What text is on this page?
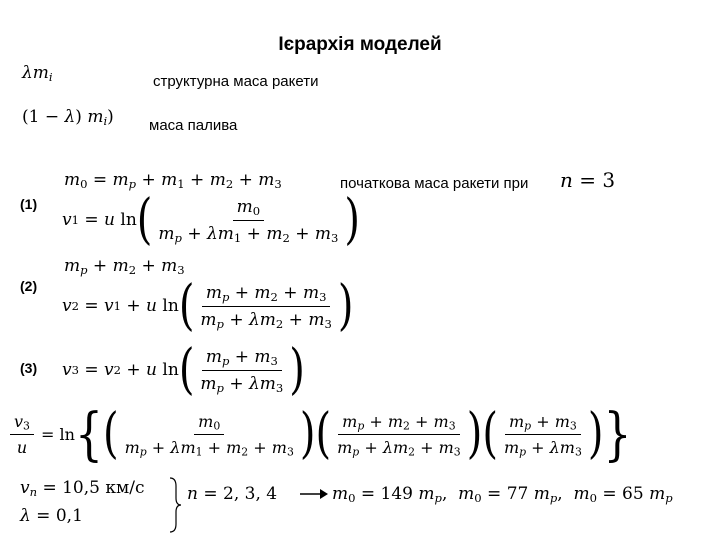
Ієрархія моделей
$\lambda m_i$	структурна маса ракети
(1 − λ) $m_i$) маса палива
$m_0 = m_p + m_1 + m_2 + m_3$	початкова маса ракети при n = 3
(1)
v 1 = u ln ( $\frac{m_0}{m_p + \lambda m_1 + m_2 + m_3}$ )
$m_p + m_2 + m_3$
(2)
v 2 = v 1 + u ln ( $\frac{m_p + m_2 + m_3}{m_p + \lambda m_2 + m_3}$ )
(3) v 3 = v 2 + u ln ( $\frac{m_p + m_3}{m_p + \lambda m_3}$ )
$\frac{v_3}{u} = \ln$ { ( $\frac{m_0}{m_p + \lambda m_1 + m_2 + m_3}$ ) ( $\frac{m_p + m_2 + m_3}{m_p + \lambda m_2 + m_3}$ ) ( $\frac{m_p + m_3}{m_p + \lambda m_3}$ ) }
$v_n = 10,5$ км/с
λ = 0,1
n = 2, 3, 4	$m_0 = 149$ $m_p$,  $m_0 = 77$ $m_p$,  $m_0 = 65$ $m_p$
